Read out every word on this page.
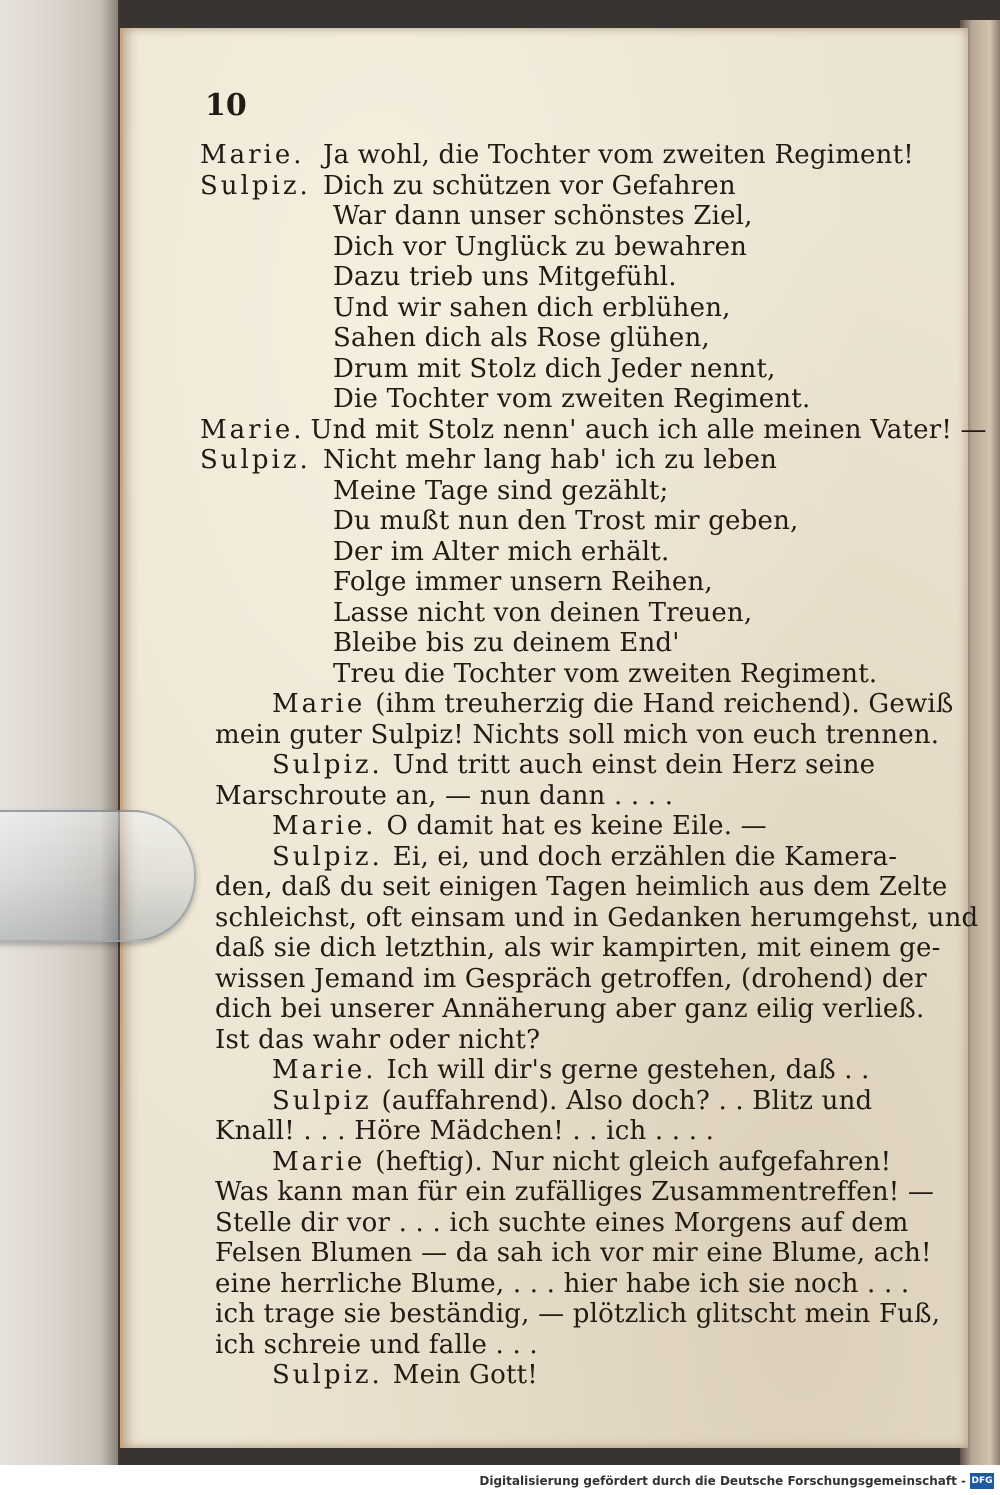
10
Marie. Ja wohl, die Tochter vom zweiten Regiment!
Sulpiz. Dich zu schützen vor Gefahren
War dann unser schönstes Ziel,
Dich vor Unglück zu bewahren
Dazu trieb uns Mitgefühl.
Und wir sahen dich erblühen,
Sahen dich als Rose glühen,
Drum mit Stolz dich Jeder nennt,
Die Tochter vom zweiten Regiment.
Marie. Und mit Stolz nenn' auch ich alle meinen Vater! —
Sulpiz. Nicht mehr lang hab' ich zu leben
Meine Tage sind gezählt;
Du mußt nun den Trost mir geben,
Der im Alter mich erhält.
Folge immer unsern Reihen,
Lasse nicht von deinen Treuen,
Bleibe bis zu deinem End'
Treu die Tochter vom zweiten Regiment.
Marie (ihm treuherzig die Hand reichend). Gewiß
mein guter Sulpiz! Nichts soll mich von euch trennen.
Sulpiz. Und tritt auch einst dein Herz seine
Marschroute an, — nun dann . . . .
Marie. O damit hat es keine Eile. —
Sulpiz. Ei, ei, und doch erzählen die Kamera-
den, daß du seit einigen Tagen heimlich aus dem Zelte
schleichst, oft einsam und in Gedanken herumgehst, und
daß sie dich letzthin, als wir kampirten, mit einem ge-
wissen Jemand im Gespräch getroffen, (drohend) der
dich bei unserer Annäherung aber ganz eilig verließ.
Ist das wahr oder nicht?
Marie. Ich will dir's gerne gestehen, daß . .
Sulpiz (auffahrend). Also doch? . . Blitz und
Knall! . . . Höre Mädchen! . . ich . . . .
Marie (heftig). Nur nicht gleich aufgefahren!
Was kann man für ein zufälliges Zusammentreffen! —
Stelle dir vor . . . ich suchte eines Morgens auf dem
Felsen Blumen — da sah ich vor mir eine Blume, ach!
eine herrliche Blume, . . . hier habe ich sie noch . . .
ich trage sie beständig, — plötzlich glitscht mein Fuß,
ich schreie und falle . . .
Sulpiz. Mein Gott!
Digitalisierung gefördert durch die Deutsche Forschungsgemeinschaft - DFG
